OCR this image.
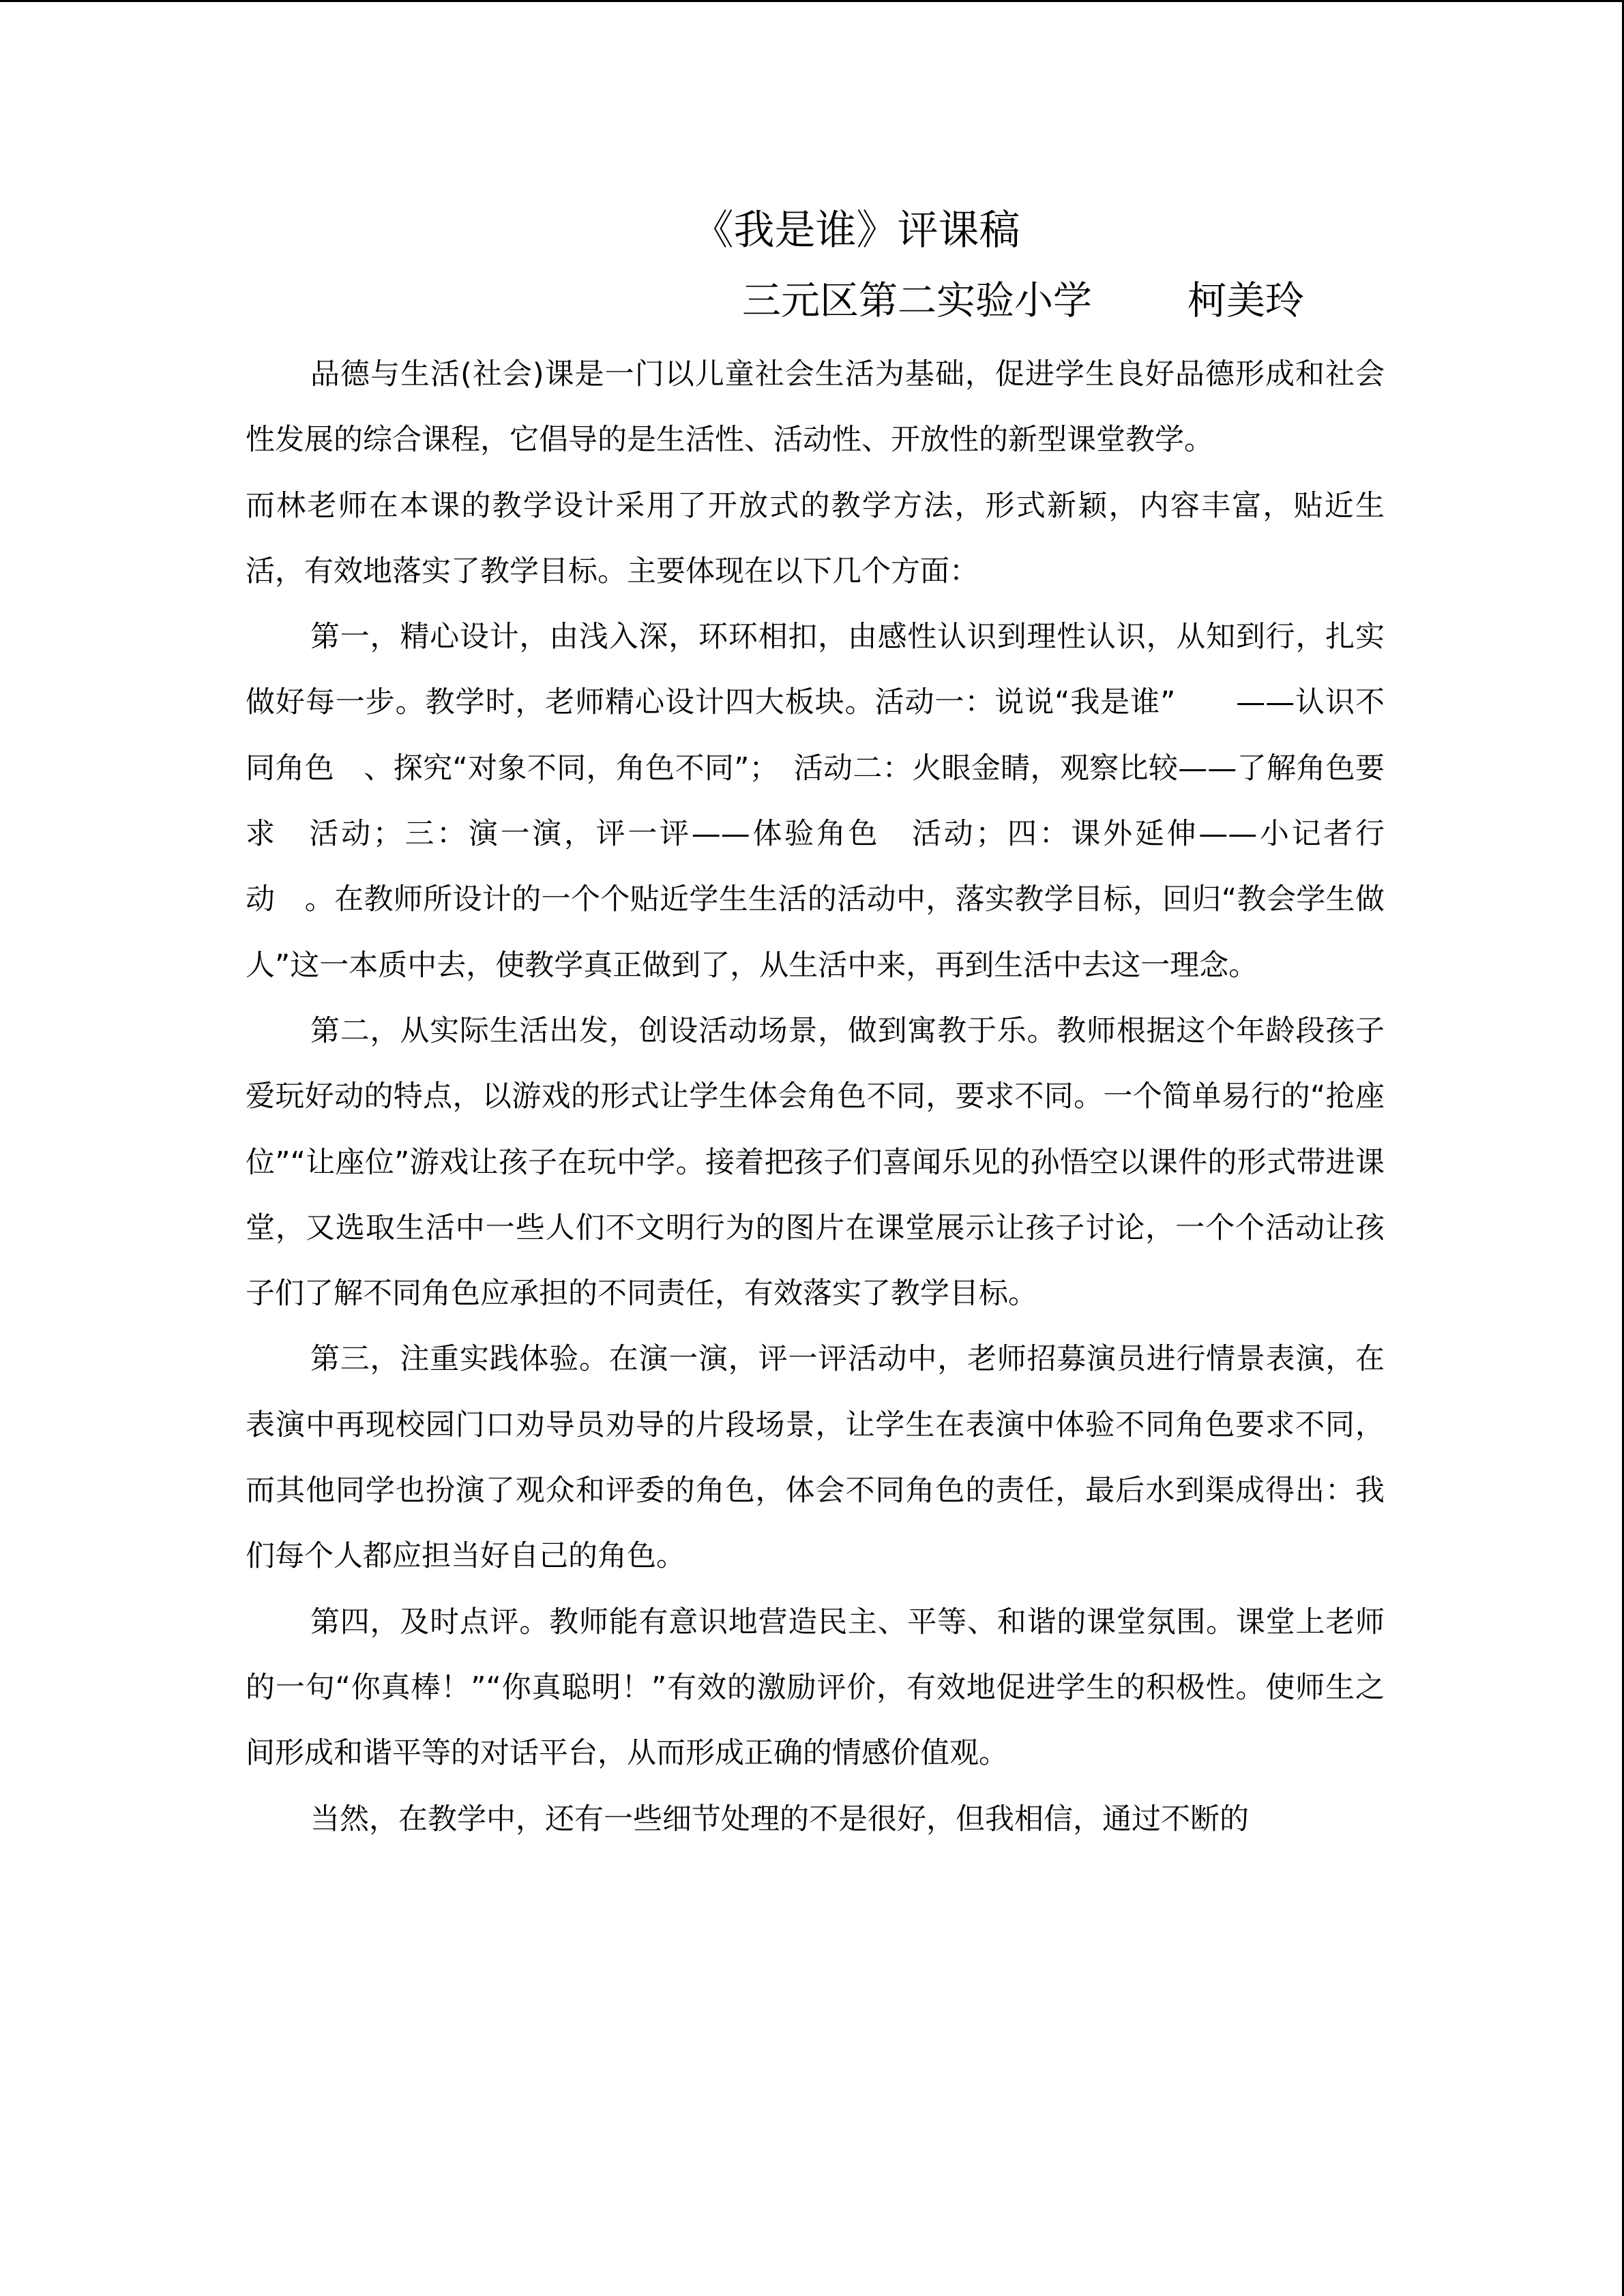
《我是谁》评课稿
三元区第二实验小学 柯美玲

品德与生活(社会)课是一门以儿童社会生活为基础，促进学生良好品德形成和社会性发展的综合课程，它倡导的是生活性、活动性、开放性的新型课堂教学。

而林老师在本课的教学设计采用了开放式的教学方法，形式新颖，内容丰富，贴近生活，有效地落实了教学目标。主要体现在以下几个方面：

第一，精心设计，由浅入深，环环相扣，由感性认识到理性认识，从知到行，扎实做好每一步。教学时，老师精心设计四大板块。活动一：说说“我是谁”　　——认识不同角色　、探究“对象不同，角色不同”；　活动二：火眼金睛，观察比较——了解角色要求　活动；三：演一演，评一评——体验角色　活动；四：课外延伸——小记者行动　。在教师所设计的一个个贴近学生生活的活动中，落实教学目标，回归“教会学生做人”这一本质中去，使教学真正做到了，从生活中来，再到生活中去这一理念。

第二，从实际生活出发，创设活动场景，做到寓教于乐。教师根据这个年龄段孩子爱玩好动的特点，以游戏的形式让学生体会角色不同，要求不同。一个简单易行的“抢座位”“让座位”游戏让孩子在玩中学。接着把孩子们喜闻乐见的孙悟空以课件的形式带进课堂，又选取生活中一些人们不文明行为的图片在课堂展示让孩子讨论，一个个活动让孩子们了解不同角色应承担的不同责任，有效落实了教学目标。

第三，注重实践体验。在演一演，评一评活动中，老师招募演员进行情景表演，在表演中再现校园门口劝导员劝导的片段场景，让学生在表演中体验不同角色要求不同，而其他同学也扮演了观众和评委的角色，体会不同角色的责任，最后水到渠成得出：我们每个人都应担当好自己的角色。

第四，及时点评。教师能有意识地营造民主、平等、和谐的课堂氛围。课堂上老师的一句“你真棒！”“你真聪明！”有效的激励评价，有效地促进学生的积极性。使师生之间形成和谐平等的对话平台，从而形成正确的情感价值观。

当然，在教学中，还有一些细节处理的不是很好，但我相信，通过不断的
